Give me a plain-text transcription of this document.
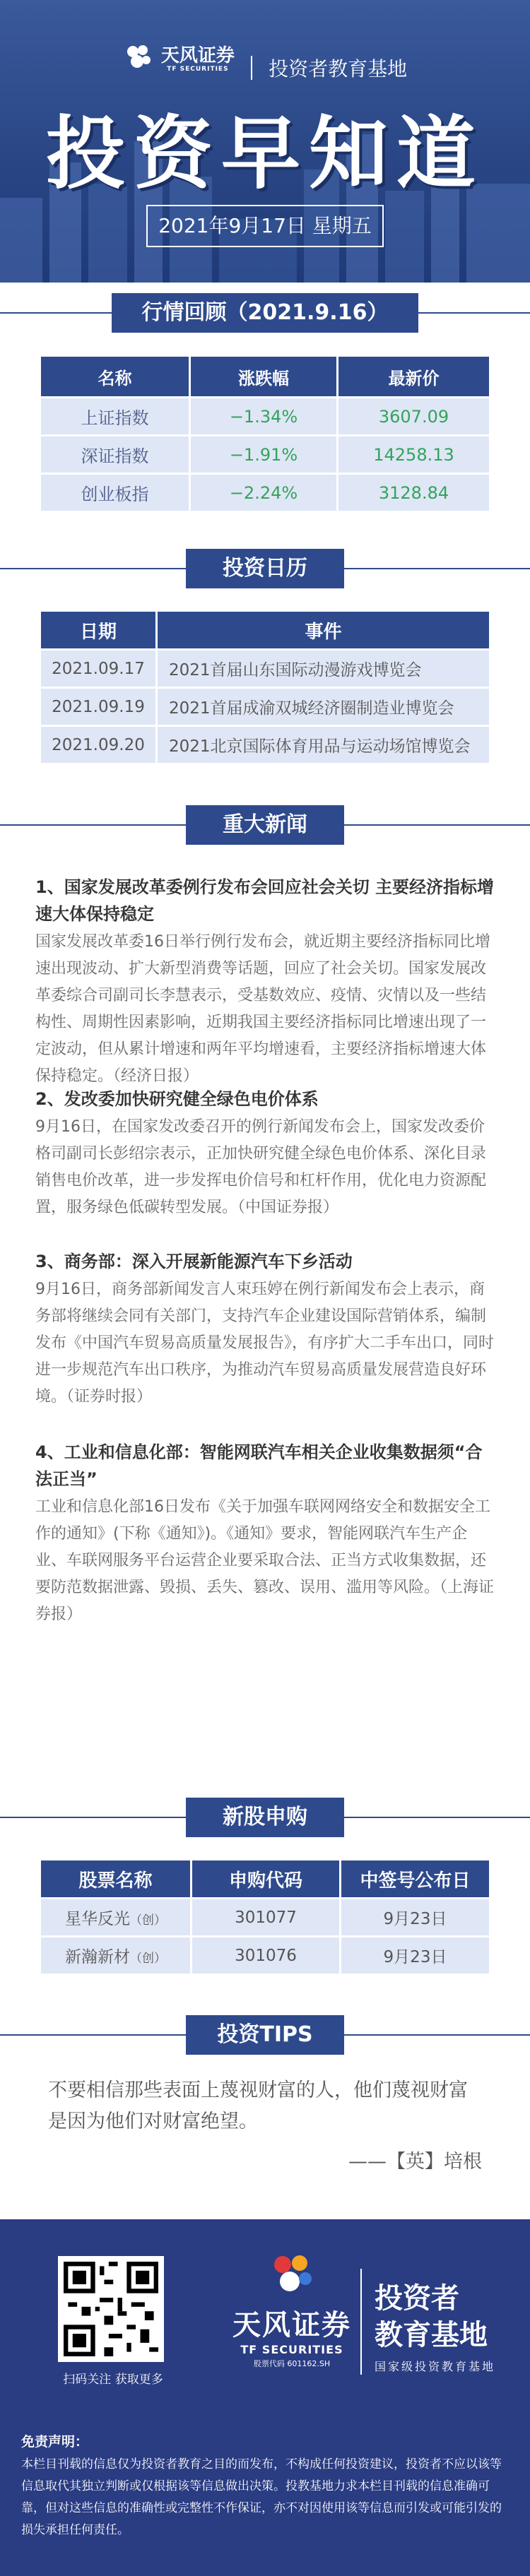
天风证券
TF SECURITIES 投资者教育基地
投资早知道
2021年9月17日 星期五
行情回顾（2021.9.16）
名称	涨跌幅	最新价
上证指数	−1.34%	3607.09
深证指数	−1.91%	14258.13
创业板指	−2.24%	3128.84
投资日历
日期	事件
2021.09.17	2021首届山东国际动漫游戏博览会
2021.09.19	2021首届成渝双城经济圈制造业博览会
2021.09.20	2021北京国际体育用品与运动场馆博览会
重大新闻
1、国家发展改革委例行发布会回应社会关切 主要经济指标增速大体保持稳定

国家发展改革委16日举行例行发布会，就近期主要经济指标同比增速出现波动、扩大新型消费等话题，回应了社会关切。国家发展改革委综合司副司长李慧表示，受基数效应、疫情、灾情以及一些结构性、周期性因素影响，近期我国主要经济指标同比增速出现了一定波动，但从累计增速和两年平均增速看，主要经济指标增速大体保持稳定。（经济日报）

2、发改委加快研究健全绿色电价体系

9月16日，在国家发改委召开的例行新闻发布会上，国家发改委价格司副司长彭绍宗表示，正加快研究健全绿色电价体系、深化目录销售电价改革，进一步发挥电价信号和杠杆作用，优化电力资源配置，服务绿色低碳转型发展。（中国证券报）

3、商务部：深入开展新能源汽车下乡活动

9月16日，商务部新闻发言人束珏婷在例行新闻发布会上表示，商务部将继续会同有关部门，支持汽车企业建设国际营销体系，编制发布《中国汽车贸易高质量发展报告》，有序扩大二手车出口，同时进一步规范汽车出口秩序，为推动汽车贸易高质量发展营造良好环境。（证券时报）

4、工业和信息化部：智能网联汽车相关企业收集数据须“合法正当”

工业和信息化部16日发布《关于加强车联网网络安全和数据安全工作的通知》(下称《通知》)。《通知》要求，智能网联汽车生产企业、车联网服务平台运营企业要采取合法、正当方式收集数据，还要防范数据泄露、毁损、丢失、篡改、误用、滥用等风险。（上海证券报）

新股申购
股票名称	申购代码	中签号公布日
星华反光（创）	301077	9月23日
新瀚新材（创）	301076	9月23日
投资TIPS
不要相信那些表面上蔑视财富的人，他们蔑视财富是因为他们对财富绝望。
——【英】培根
扫码关注 获取更多
天风证券
TF SECURITIES
股票代码 601162.SH
投资者
教育基地
国家级投资教育基地
免责声明：
本栏目刊载的信息仅为投资者教育之目的而发布，不构成任何投资建议，投资者不应以该等信息取代其独立判断或仅根据该等信息做出决策。投教基地力求本栏目刊载的信息准确可靠，但对这些信息的准确性或完整性不作保证，亦不对因使用该等信息而引发或可能引发的损失承担任何责任。
